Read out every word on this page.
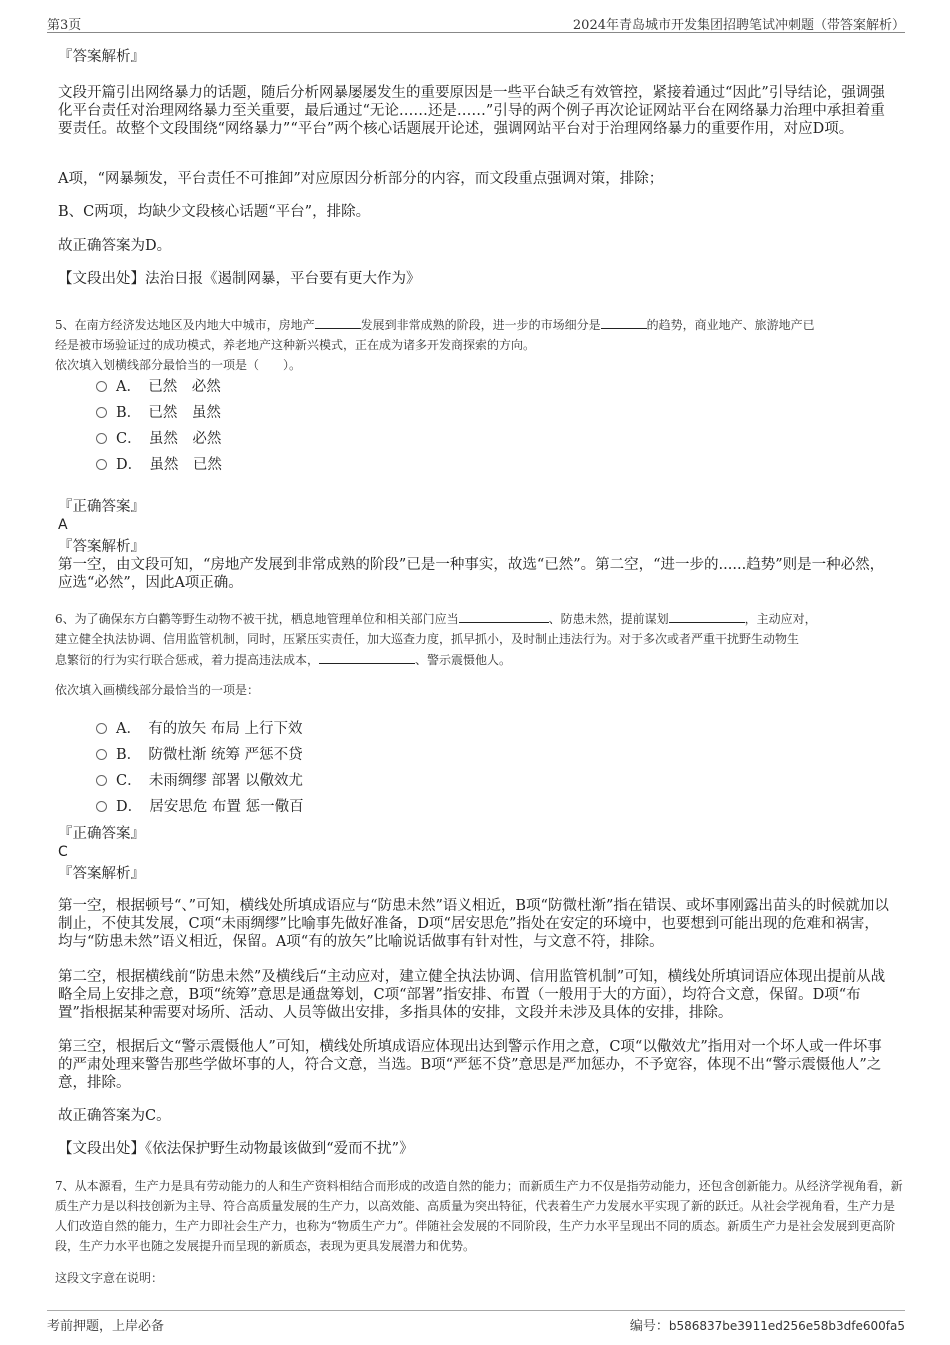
第3页	2024年青岛城市开发集团招聘笔试冲刺题（带答案解析）
『答案解析』

文段开篇引出网络暴力的话题，随后分析网暴屡屡发生的重要原因是一些平台缺乏有效管控，紧接着通过“因此”引导结论，强调强化平台责任对治理网络暴力至关重要，最后通过“无论……还是……”引导的两个例子再次论证网站平台在网络暴力治理中承担着重要责任。故整个文段围绕“网络暴力”“平台”两个核心话题展开论述，强调网站平台对于治理网络暴力的重要作用，对应D项。

A项，“网暴频发，平台责任不可推卸”对应原因分析部分的内容，而文段重点强调对策，排除；

B、C两项，均缺少文段核心话题“平台”，排除。

故正确答案为D。

【文段出处】法治日报《遏制网暴，平台要有更大作为》

5、在南方经济发达地区及内地大中城市，房地产	发展到非常成熟的阶段，进一步的市场细分是	的趋势，商业地产、旅游地产已
经是被市场验证过的成功模式，养老地产这种新兴模式，正在成为诸多开发商探索的方向。
依次填入划横线部分最恰当的一项是（　　）。
A．　已然　必然
B．　已然　虽然
C．　虽然　必然
D．　虽然　已然
『正确答案』
A
『答案解析』

第一空，由文段可知，“房地产发展到非常成熟的阶段”已是一种事实，故选“已然”。第二空，“进一步的......趋势”则是一种必然，应选“必然”，因此A项正确。

6、为了确保东方白鹳等野生动物不被干扰，栖息地管理单位和相关部门应当	、防患未然，提前谋划	，主动应对，
建立健全执法协调、信用监管机制，同时，压紧压实责任，加大巡查力度，抓早抓小，及时制止违法行为。对于多次或者严重干扰野生动物生
息繁衍的行为实行联合惩戒，着力提高违法成本，	、警示震慑他人。
依次填入画横线部分最恰当的一项是：
A．　有的放矢 布局 上行下效
B．　防微杜渐 统筹 严惩不贷
C．　未雨绸缪 部署 以儆效尤
D．　居安思危 布置 惩一儆百
『正确答案』
C
『答案解析』

第一空，根据顿号“、”可知，横线处所填成语应与“防患未然”语义相近，B项“防微杜渐”指在错误、或坏事刚露出苗头的时候就加以制止，不使其发展，C项“未雨绸缪”比喻事先做好准备，D项“居安思危”指处在安定的环境中，也要想到可能出现的危难和祸害，均与“防患未然”语义相近，保留。A项“有的放矢”比喻说话做事有针对性，与文意不符，排除。

第二空，根据横线前“防患未然”及横线后“主动应对，建立健全执法协调、信用监管机制”可知，横线处所填词语应体现出提前从战略全局上安排之意，B项“统筹”意思是通盘筹划，C项“部署”指安排、布置（一般用于大的方面），均符合文意，保留。D项“布置”指根据某种需要对场所、活动、人员等做出安排，多指具体的安排，文段并未涉及具体的安排，排除。

第三空，根据后文“警示震慑他人”可知，横线处所填成语应体现出达到警示作用之意，C项“以儆效尤”指用对一个坏人或一件坏事的严肃处理来警告那些学做坏事的人，符合文意，当选。B项“严惩不贷”意思是严加惩办，不予宽容，体现不出“警示震慑他人”之意，排除。

故正确答案为C。

【文段出处】《依法保护野生动物最该做到“爱而不扰”》

7、从本源看，生产力是具有劳动能力的人和生产资料相结合而形成的改造自然的能力；而新质生产力不仅是指劳动能力，还包含创新能力。从经济学视角看，新质生产力是以科技创新为主导、符合高质量发展的生产力，以高效能、高质量为突出特征，代表着生产力发展水平实现了新的跃迁。从社会学视角看，生产力是人们改造自然的能力，生产力即社会生产力，也称为“物质生产力”。伴随社会发展的不同阶段，生产力水平呈现出不同的质态。新质生产力是社会发展到更高阶段，生产力水平也随之发展提升而呈现的新质态，表现为更具发展潜力和优势。

这段文字意在说明：
考前押题，上岸必备	编号：b586837be3911ed256e58b3dfe600fa5
